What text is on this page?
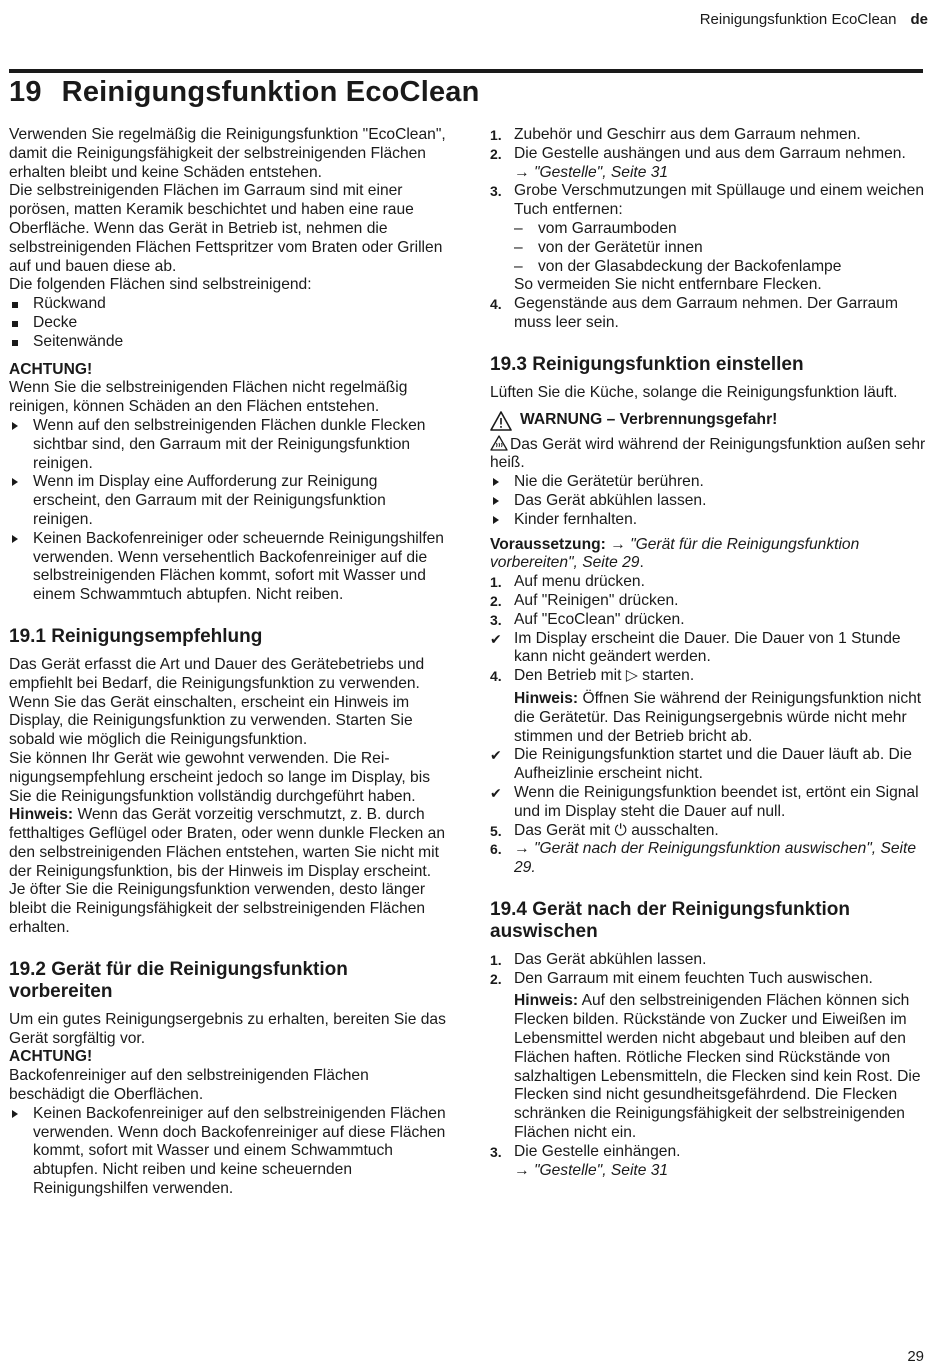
Reinigungsfunktion EcoClean de
19 Reinigungsfunktion EcoClean

Verwenden Sie regelmäßig die Reinigungsfunktion "EcoClean", damit die Reinigungsfähigkeit der selbstreinigenden Flächen erhalten bleibt und keine Schäden entstehen.

Die selbstreinigenden Flächen im Garraum sind mit einer porösen, matten Keramik beschichtet und haben eine raue Oberfläche. Wenn das Gerät in Betrieb ist, nehmen die selbstreinigenden Flächen Fettspritzer vom Braten oder Grillen auf und bauen diese ab.

Die folgenden Flächen sind selbstreinigend:

Rückwand
Decke
Seitenwände

ACHTUNG!

Wenn Sie die selbstreinigenden Flächen nicht regelmäßig reinigen, können Schäden an den Flächen entstehen.

Wenn auf den selbstreinigenden Flächen dunkle Flecken sichtbar sind, den Garraum mit der Reinigungsfunktion reinigen.
Wenn im Display eine Aufforderung zur Reinigung erscheint, den Garraum mit der Reinigungsfunktion reinigen.
Keinen Backofenreiniger oder scheuernde Reinigungshilfen verwenden. Wenn versehentlich Backofenreiniger auf die selbstreinigenden Flächen kommt, sofort mit Wasser und einem Schwammtuch abtupfen. Nicht reiben.
19.1 Reinigungsempfehlung

Das Gerät erfasst die Art und Dauer des Gerätebetriebs und empfiehlt bei Bedarf, die Reinigungsfunktion zu verwenden.

Wenn Sie das Gerät einschalten, erscheint ein Hinweis im Display, die Reinigungsfunktion zu verwenden. Starten Sie sobald wie möglich die Reinigungsfunktion.

Sie können Ihr Gerät wie gewohnt verwenden. Die Reinigungsempfehlung erscheint jedoch so lange im Display, bis Sie die Reinigungsfunktion vollständig durchgeführt haben.

Hinweis: Wenn das Gerät vorzeitig verschmutzt, z. B. durch fetthaltiges Geflügel oder Braten, oder wenn dunkle Flecken an den selbstreinigenden Flächen entstehen, warten Sie nicht mit der Reinigungsfunktion, bis der Hinweis im Display erscheint. Je öfter Sie die Reinigungsfunktion verwenden, desto länger bleibt die Reinigungsfähigkeit der selbstreinigenden Flächen erhalten.

19.2 Gerät für die Reinigungsfunktion vorbereiten

Um ein gutes Reinigungsergebnis zu erhalten, bereiten Sie das Gerät sorgfältig vor.

ACHTUNG!

Backofenreiniger auf den selbstreinigenden Flächen beschädigt die Oberflächen.

Keinen Backofenreiniger auf den selbstreinigenden Flächen verwenden. Wenn doch Backofenreiniger auf diese Flächen kommt, sofort mit Wasser und einem Schwammtuch abtupfen. Nicht reiben und keine scheuernden Reinigungshilfen verwenden.
1. Zubehör und Geschirr aus dem Garraum nehmen.
2. Die Gestelle aushängen und aus dem Garraum nehmen.
→ "Gestelle", Seite 31
3. Grobe Verschmutzungen mit Spüllauge und einem weichen Tuch entfernen:
– vom Garraumboden
– von der Gerätetür innen
– von der Glasabdeckung der Backofenlampe
So vermeiden Sie nicht entfernbare Flecken.
4. Gegenstände aus dem Garraum nehmen. Der Garraum muss leer sein.
19.3 Reinigungsfunktion einstellen

Lüften Sie die Küche, solange die Reinigungsfunktion läuft.

WARNUNG – Verbrennungsgefahr!

Das Gerät wird während der Reinigungsfunktion außen sehr heiß.

Nie die Gerätetür berühren.
Das Gerät abkühlen lassen.
Kinder fernhalten.

Voraussetzung: → "Gerät für die Reinigungsfunktion vorbereiten", Seite 29.

1. Auf menu drücken.
2. Auf "Reinigen" drücken.
3. Auf "EcoClean" drücken.
✔ Im Display erscheint die Dauer. Die Dauer von 1 Stunde kann nicht geändert werden.
4. Den Betrieb mit ▷ starten.
Hinweis: Öffnen Sie während der Reinigungsfunktion nicht die Gerätetür. Das Reinigungsergebnis würde nicht mehr stimmen und der Betrieb bricht ab.
✔ Die Reinigungsfunktion startet und die Dauer läuft ab. Die Aufheizlinie erscheint nicht.
✔ Wenn die Reinigungsfunktion beendet ist, ertönt ein Signal und im Display steht die Dauer auf null.
5. Das Gerät mit ⏻ ausschalten.
6. → "Gerät nach der Reinigungsfunktion auswischen", Seite 29.
19.4 Gerät nach der Reinigungsfunktion auswischen
1. Das Gerät abkühlen lassen.
2. Den Garraum mit einem feuchten Tuch auswischen.
Hinweis: Auf den selbstreinigenden Flächen können sich Flecken bilden. Rückstände von Zucker und Eiweißen im Lebensmittel werden nicht abgebaut und bleiben auf den Flächen haften. Rötliche Flecken sind Rückstände von salzhaltigen Lebensmitteln, die Flecken sind kein Rost. Die Flecken sind nicht gesundheitsgefährdend. Die Flecken schränken die Reinigungsfähigkeit der selbstreinigenden Flächen nicht ein.
3. Die Gestelle einhängen.
→ "Gestelle", Seite 31
29
